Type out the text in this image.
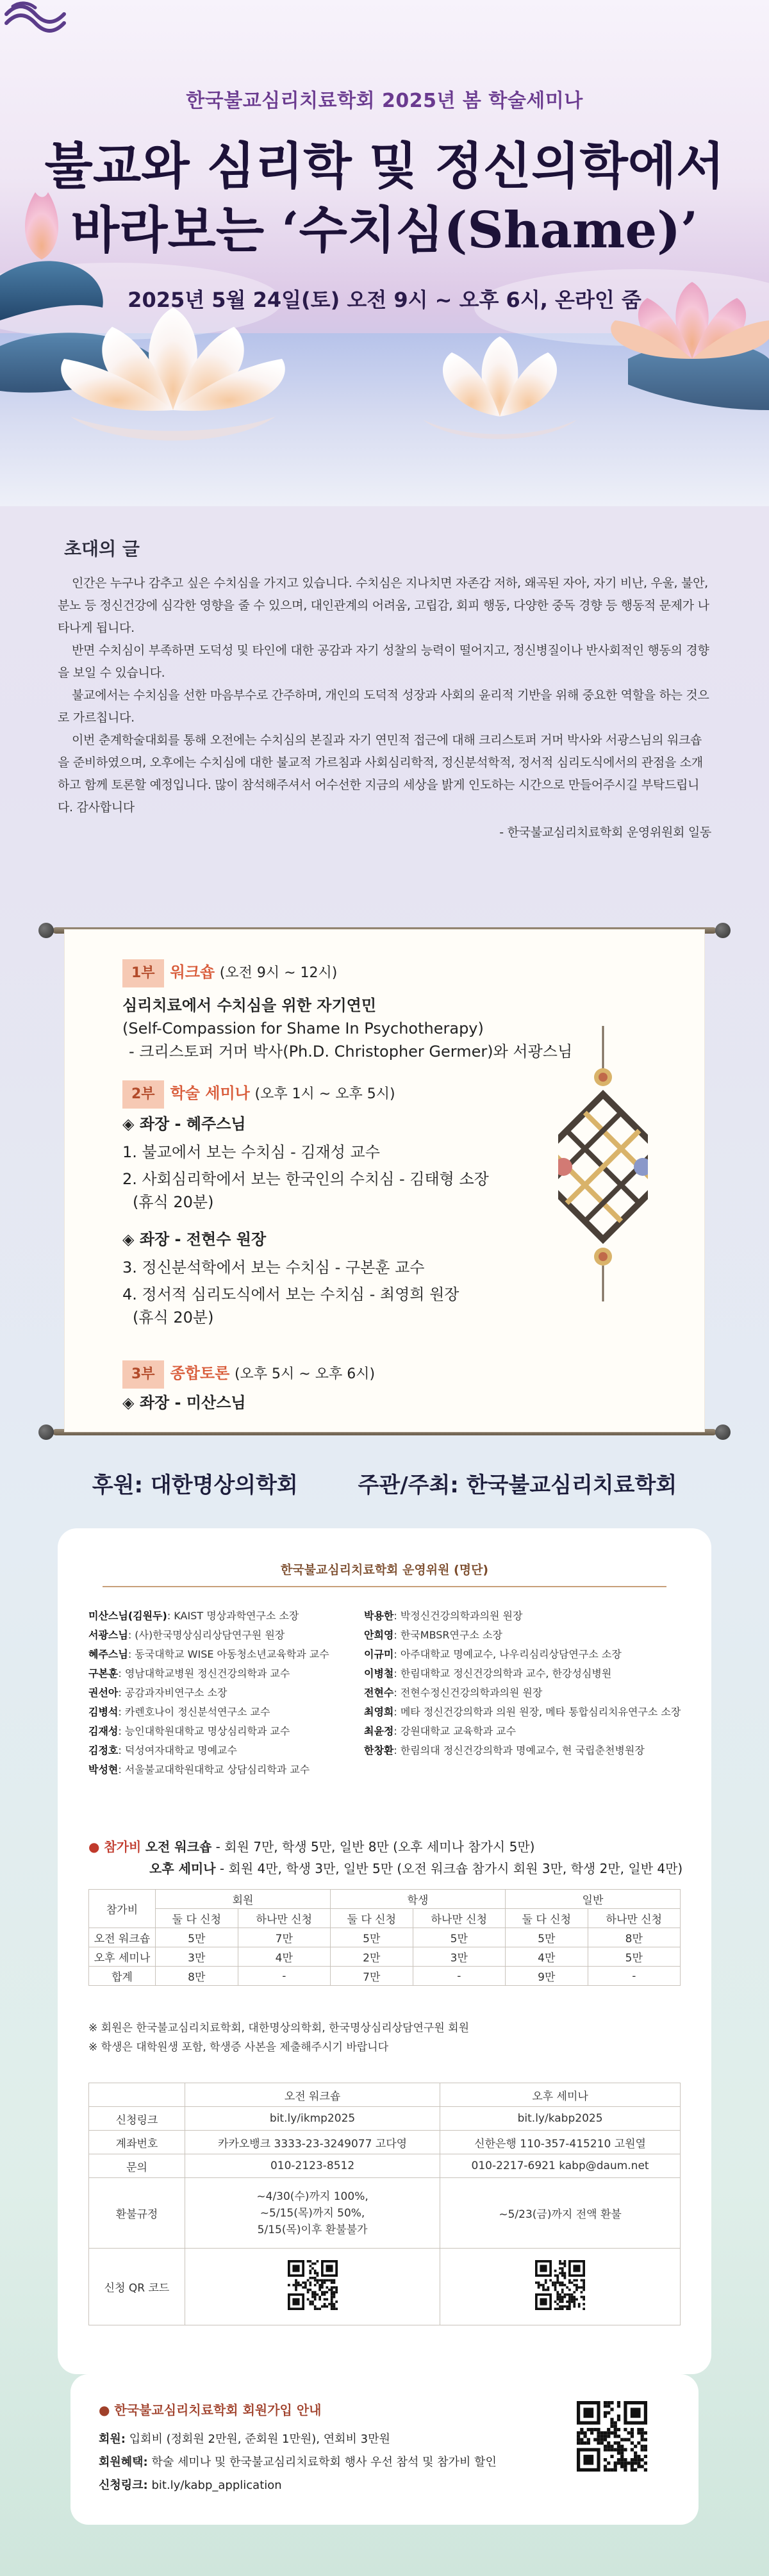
한국불교심리치료학회 2025년 봄 학술세미나
불교와 심리학 및 정신의학에서
바라보는 ‘수치심(Shame)’
2025년 5월 24일(토) 오전 9시 ~ 오후 6시, 온라인 줌
초대의 글

인간은 누구나 감추고 싶은 수치심을 가지고 있습니다. 수치심은 지나치면 자존감 저하, 왜곡된 자아, 자기 비난, 우울, 불안, 분노 등 정신건강에 심각한 영향을 줄 수 있으며, 대인관계의 어려움, 고립감, 회피 행동, 다양한 중독 경향 등 행동적 문제가 나타나게 됩니다.

반면 수치심이 부족하면 도덕성 및 타인에 대한 공감과 자기 성찰의 능력이 떨어지고, 정신병질이나 반사회적인 행동의 경향을 보일 수 있습니다.

불교에서는 수치심을 선한 마음부수로 간주하며, 개인의 도덕적 성장과 사회의 윤리적 기반을 위해 중요한 역할을 하는 것으로 가르칩니다.

이번 춘계학술대회를 통해 오전에는 수치심의 본질과 자기 연민적 접근에 대해 크리스토퍼 거머 박사와 서광스님의 워크숍을 준비하였으며, 오후에는 수치심에 대한 불교적 가르침과 사회심리학적, 정신분석학적, 정서적 심리도식에서의 관점을 소개하고 함께 토론할 예정입니다. 많이 참석해주셔서 어수선한 지금의 세상을 밝게 인도하는 시간으로 만들어주시길 부탁드립니다. 감사합니다

- 한국불교심리치료학회 운영위원회 일동

1부 워크숍 (오전 9시 ~ 12시)
심리치료에서 수치심을 위한 자기연민
(Self-Compassion for Shame In Psychotherapy)
- 크리스토퍼 거머 박사(Ph.D. Christopher Germer)와 서광스님
2부 학술 세미나 (오후 1시 ~ 오후 5시)
◈ 좌장 - 혜주스님
1. 불교에서 보는 수치심 - 김재성 교수
2. 사회심리학에서 보는 한국인의 수치심 - 김태형 소장
(휴식 20분)
◈ 좌장 - 전현수 원장
3. 정신분석학에서 보는 수치심 - 구본훈 교수
4. 정서적 심리도식에서 보는 수치심 - 최영희 원장
(휴식 20분)
3부 종합토론 (오후 5시 ~ 오후 6시)
◈ 좌장 - 미산스님
후원: 대한명상의학회	주관/주최: 한국불교심리치료학회
한국불교심리치료학회 운영위원 (명단)
미산스님(김원두): KAIST 명상과학연구소 소장
서광스님: (사)한국명상심리상담연구원 원장
혜주스님: 동국대학교 WISE 아동청소년교육학과 교수
구본훈: 영남대학교병원 정신건강의학과 교수
권선아: 공감과자비연구소 소장
김병석: 카렌호나이 정신분석연구소 교수
김재성: 능인대학원대학교 명상심리학과 교수
김정호: 덕성여자대학교 명예교수
박성현: 서울불교대학원대학교 상담심리학과 교수
박용한: 박정신건강의학과의원 원장
안희영: 한국MBSR연구소 소장
이규미: 아주대학교 명예교수, 나우리심리상담연구소 소장
이병철: 한림대학교 정신건강의학과 교수, 한강성심병원
전현수: 전현수정신건강의학과의원 원장
최영희: 메타 정신건강의학과 의원 원장, 메타 통합심리치유연구소 소장
최윤정: 강원대학교 교육학과 교수
한창환: 한림의대 정신건강의학과 명예교수, 현 국립춘천병원장
● 참가비 오전 워크숍 - 회원 7만, 학생 5만, 일반 8만 (오후 세미나 참가시 5만)
오후 세미나 - 회원 4만, 학생 3만, 일반 5만 (오전 워크숍 참가시 회원 3만, 학생 2만, 일반 4만)
참가비	회원		학생		일반	
	둘 다 신청	하나만 신청	둘 다 신청	하나만 신청	둘 다 신청	하나만 신청
오전 워크숍	5만	7만	5만	5만	5만	8만
오후 세미나	3만	4만	2만	3만	4만	5만
합계	8만	-	7만	-	9만	-
※ 회원은 한국불교심리치료학회, 대한명상의학회, 한국명상심리상담연구원 회원
※ 학생은 대학원생 포함, 학생증 사본을 제출해주시기 바랍니다
	오전 워크숍	오후 세미나
신청링크	bit.ly/ikmp2025	bit.ly/kabp2025
계좌번호	카카오뱅크 3333-23-3249077 고다영	신한은행 110-357-415210 고원열
문의	010-2123-8512	010-2217-6921 kabp@daum.net
환불규정	~4/30(수)까지 100%,
~5/15(목)까지 50%,
5/15(목)이후 환불불가	~5/23(금)까지 전액 환불
신청 QR 코드		
● 한국불교심리치료학회 회원가입 안내
회원: 입회비 (정회원 2만원, 준회원 1만원), 연회비 3만원
회원혜택: 학술 세미나 및 한국불교심리치료학회 행사 우선 참석 및 참가비 할인
신청링크: bit.ly/kabp_application
